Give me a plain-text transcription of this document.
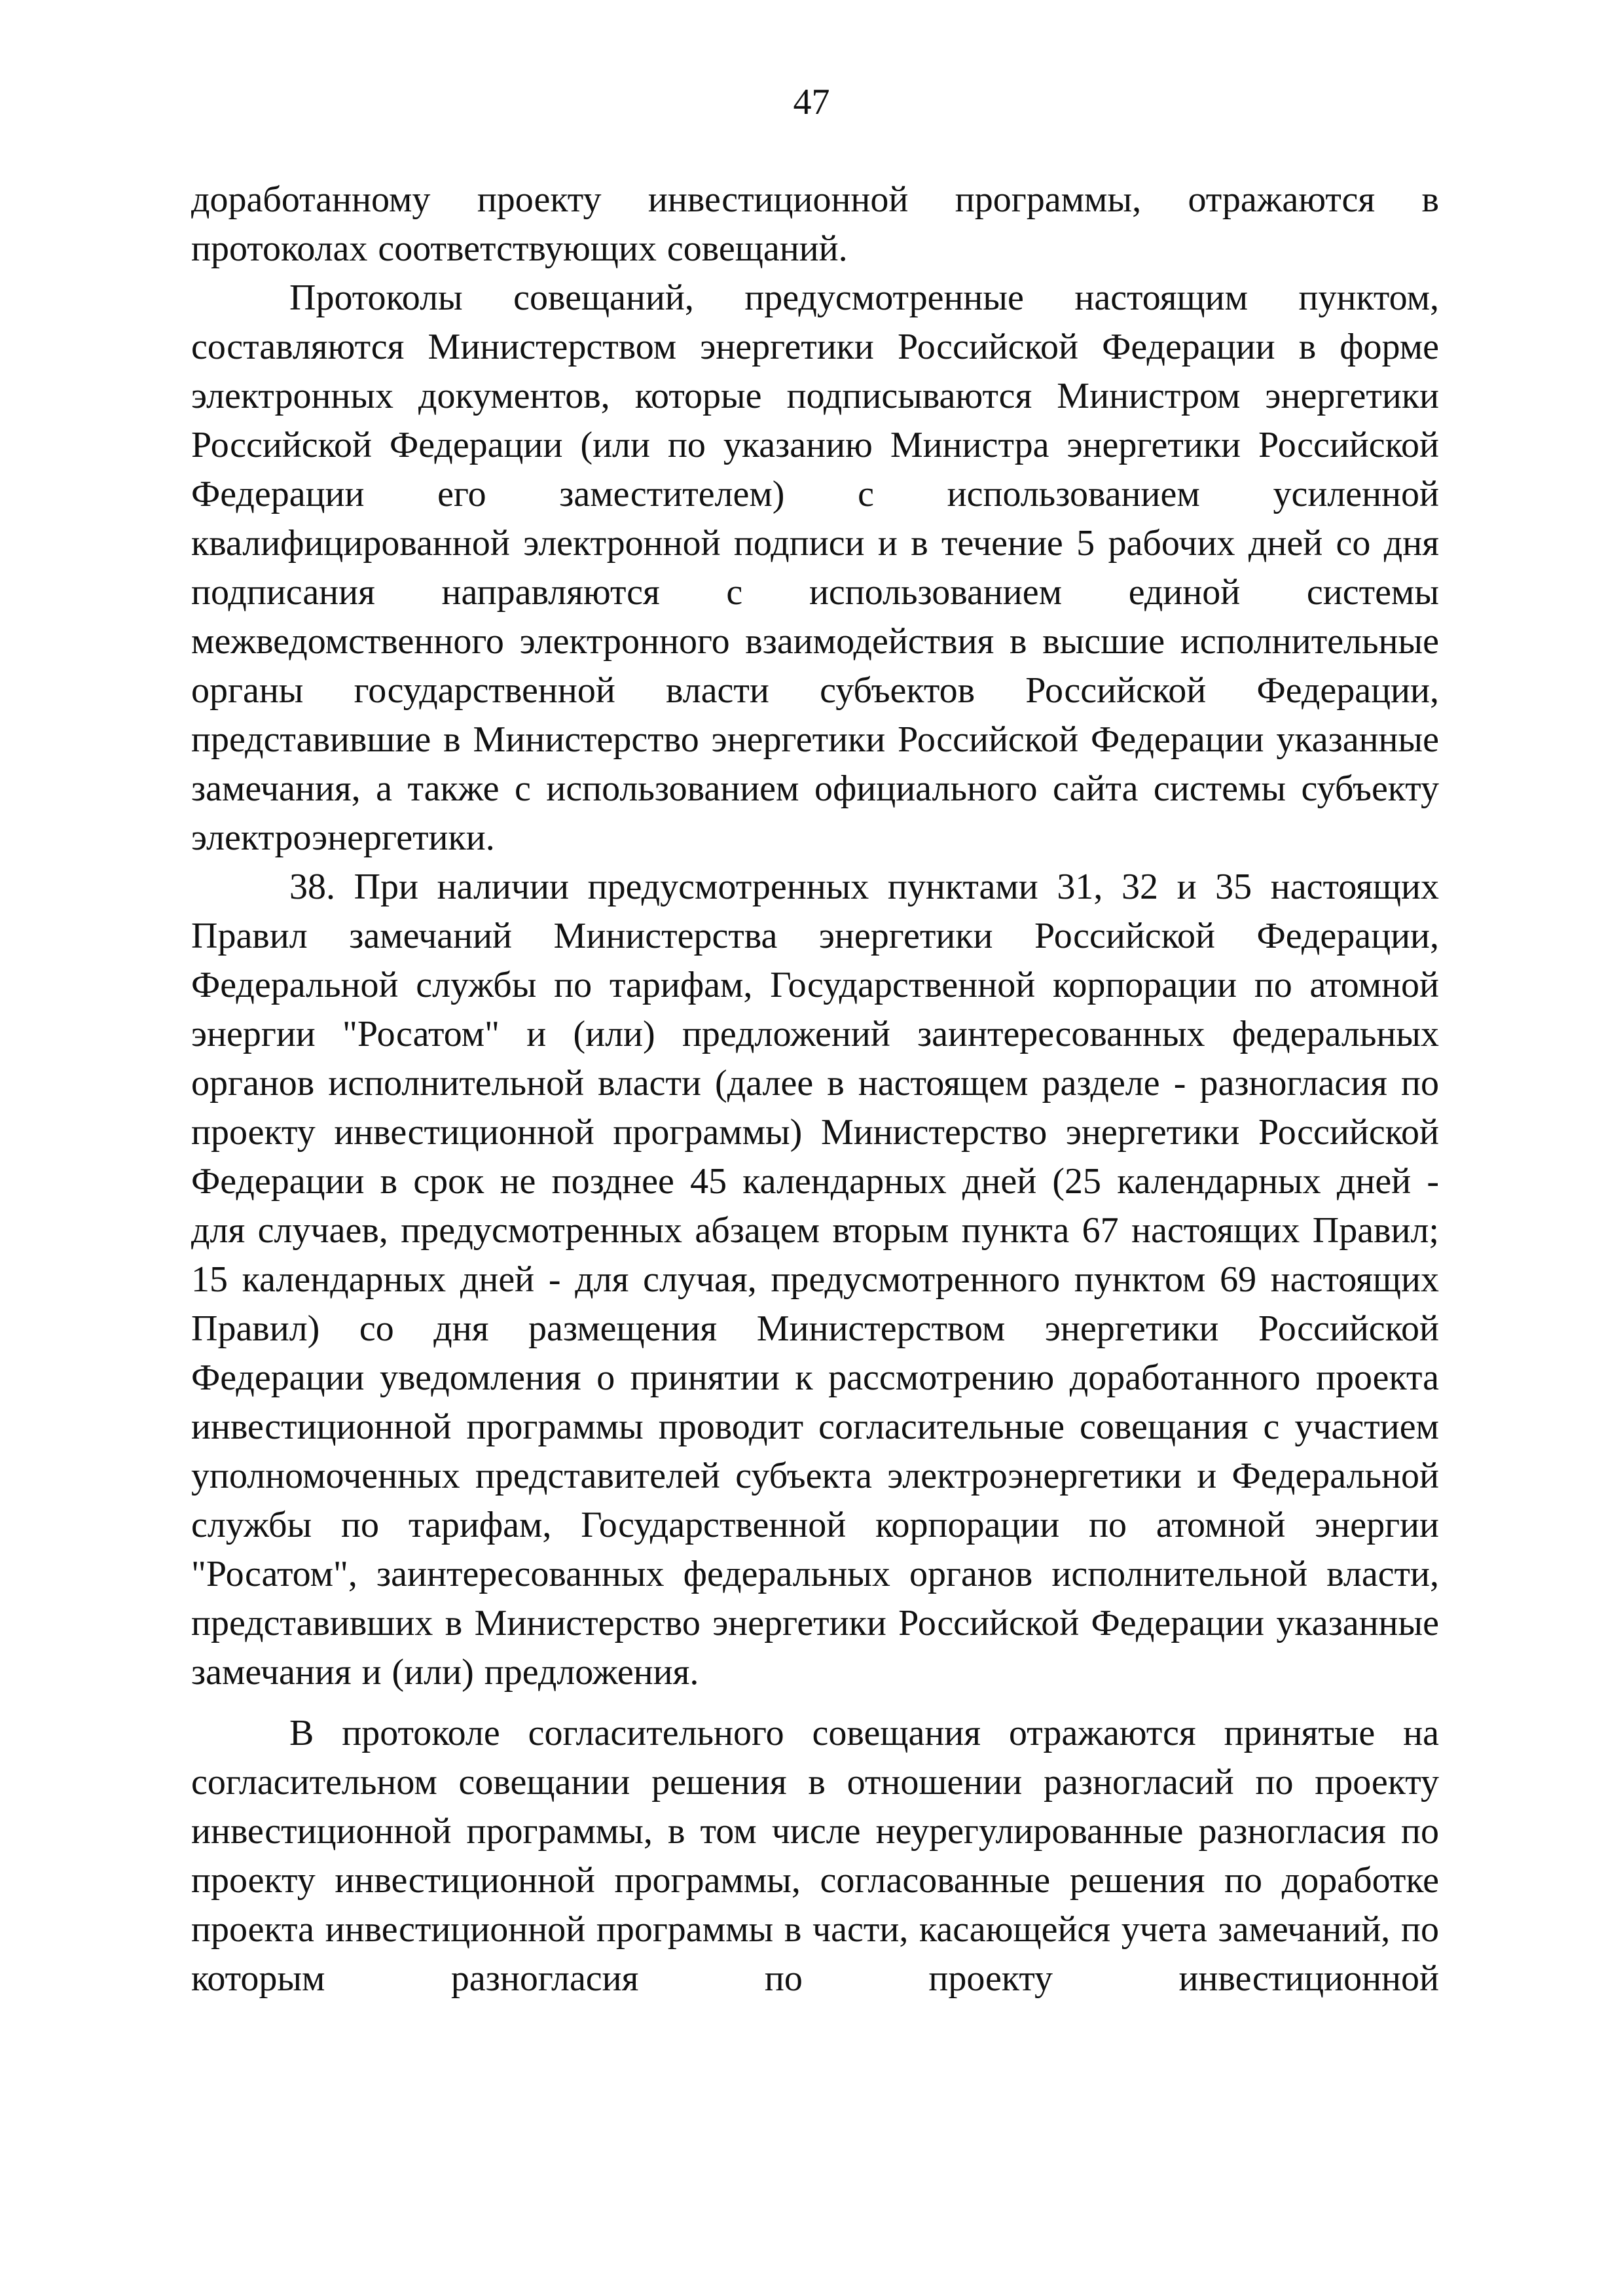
47

доработанному проекту инвестиционной программы, отражаются в протоколах соответствующих совещаний.

Протоколы совещаний, предусмотренные настоящим пунктом, составляются Министерством энергетики Российской Федерации в форме электронных документов, которые подписываются Министром энергетики Российской Федерации (или по указанию Министра энергетики Российской Федерации его заместителем) с использованием усиленной квалифицированной электронной подписи и в течение 5 рабочих дней со дня подписания направляются с использованием единой системы межведомственного электронного взаимодействия в высшие исполнительные органы государственной власти субъектов Российской Федерации, представившие в Министерство энергетики Российской Федерации указанные замечания, а также с использованием официального сайта системы субъекту электроэнергетики.

38. При наличии предусмотренных пунктами 31, 32 и 35 настоящих Правил замечаний Министерства энергетики Российской Федерации, Федеральной службы по тарифам, Государственной корпорации по атомной энергии "Росатом" и (или) предложений заинтересованных федеральных органов исполнительной власти (далее в настоящем разделе - разногласия по проекту инвестиционной программы) Министерство энергетики Российской Федерации в срок не позднее 45 календарных дней (25 календарных дней - для случаев, предусмотренных абзацем вторым пункта 67 настоящих Правил; 15 календарных дней - для случая, предусмотренного пунктом 69 настоящих Правил) со дня размещения Министерством энергетики Российской Федерации уведомления о принятии к рассмотрению доработанного проекта инвестиционной программы проводит согласительные совещания с участием уполномоченных представителей субъекта электроэнергетики и Федеральной службы по тарифам, Государственной корпорации по атомной энергии "Росатом", заинтересованных федеральных органов исполнительной власти, представивших в Министерство энергетики Российской Федерации указанные замечания и (или) предложения.

В протоколе согласительного совещания отражаются принятые на согласительном совещании решения в отношении разногласий по проекту инвестиционной программы, в том числе неурегулированные разногласия по проекту инвестиционной программы, согласованные решения по доработке проекта инвестиционной программы в части, касающейся учета замечаний, по которым разногласия по проекту инвестиционной
